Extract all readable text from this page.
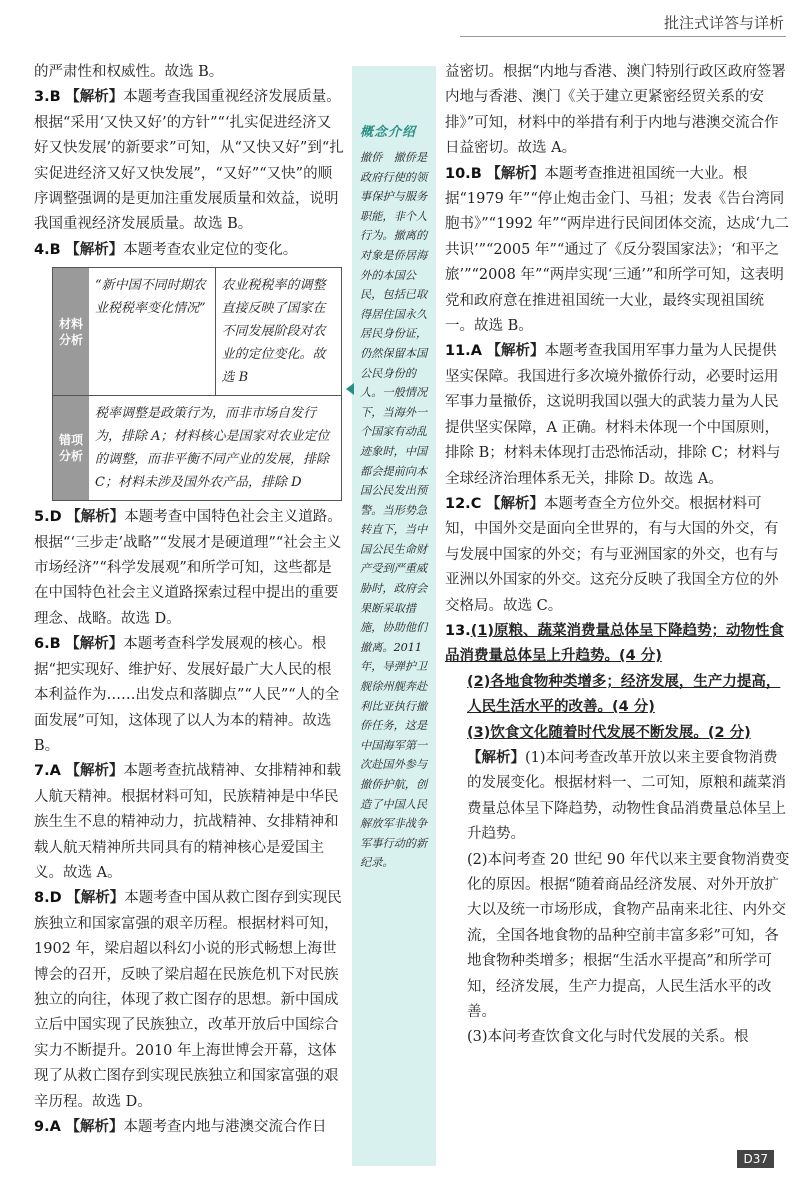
批注式详答与详析

的严肃性和权威性。故选 B。

3.B 【解析】本题考查我国重视经济发展质量。根据“采用‘又快又好’的方针”“‘扎实促进经济又好又快发展’的新要求”可知，从“又快又好”到“扎实促进经济又好又快发展”，“又好”“又快”的顺序调整强调的是更加注重发展质量和效益，说明我国重视经济发展质量。故选 B。

4.B 【解析】本题考查农业定位的变化。

材料分析
“新中国不同时期农业税税率变化情况”
农业税税率的调整直接反映了国家在不同发展阶段对农业的定位变化。故选 B
错项分析
税率调整是政策行为，而非市场自发行为，排除 A；材料核心是国家对农业定位的调整，而非平衡不同产业的发展，排除 C；材料未涉及国外农产品，排除 D

5.D 【解析】本题考查中国特色社会主义道路。根据“‘三步走’战略”“发展才是硬道理”“社会主义市场经济”“科学发展观”和所学可知，这些都是在中国特色社会主义道路探索过程中提出的重要理念、战略。故选 D。

6.B 【解析】本题考查科学发展观的核心。根据“把实现好、维护好、发展好最广大人民的根本利益作为……出发点和落脚点”“人民”“人的全面发展”可知，这体现了以人为本的精神。故选 B。

7.A 【解析】本题考查抗战精神、女排精神和载人航天精神。根据材料可知，民族精神是中华民族生生不息的精神动力，抗战精神、女排精神和载人航天精神所共同具有的精神核心是爱国主义。故选 A。

8.D 【解析】本题考查中国从救亡图存到实现民族独立和国家富强的艰辛历程。根据材料可知，1902 年，梁启超以科幻小说的形式畅想上海世博会的召开，反映了梁启超在民族危机下对民族独立的向往，体现了救亡图存的思想。新中国成立后中国实现了民族独立，改革开放后中国综合实力不断提升。2010 年上海世博会开幕，这体现了从救亡图存到实现民族独立和国家富强的艰辛历程。故选 D。

9.A 【解析】本题考查内地与港澳交流合作日

概念介绍
撤侨　撤侨是政府行使的领事保护与服务职能，非个人行为。撤离的对象是侨居海外的本国公民，包括已取得居住国永久居民身份证，仍然保留本国公民身份的人。一般情况下，当海外一个国家有动乱迹象时，中国都会提前向本国公民发出预警。当形势急转直下，当中国公民生命财产受到严重威胁时，政府会果断采取措施，协助他们撤离。2011 年，导弹护卫舰徐州舰奔赴利比亚执行撤侨任务，这是中国海军第一次赴国外参与撤侨护航，创造了中国人民解放军非战争军事行动的新纪录。

益密切。根据“内地与香港、澳门特别行政区政府签署内地与香港、澳门《关于建立更紧密经贸关系的安排》”可知，材料中的举措有利于内地与港澳交流合作日益密切。故选 A。

10.B 【解析】本题考查推进祖国统一大业。根据“1979 年”“停止炮击金门、马祖；发表《告台湾同胞书》”“1992 年”“两岸进行民间团体交流，达成‘九二共识’”“2005 年”“通过了《反分裂国家法》；‘和平之旅’”“2008 年”“两岸实现‘三通’”和所学可知，这表明党和政府意在推进祖国统一大业，最终实现祖国统一。故选 B。

11.A 【解析】本题考查我国用军事力量为人民提供坚实保障。我国进行多次境外撤侨行动，必要时运用军事力量撤侨，这说明我国以强大的武装力量为人民提供坚实保障，A 正确。材料未体现一个中国原则，排除 B；材料未体现打击恐怖活动，排除 C；材料与全球经济治理体系无关，排除 D。故选 A。

12.C 【解析】本题考查全方位外交。根据材料可知，中国外交是面向全世界的，有与大国的外交，有与发展中国家的外交；有与亚洲国家的外交，也有与亚洲以外国家的外交。这充分反映了我国全方位的外交格局。故选 C。

13.(1)原粮、蔬菜消费量总体呈下降趋势；动物性食品消费量总体呈上升趋势。(4 分)

(2)各地食物种类增多；经济发展，生产力提高，人民生活水平的改善。(4 分)

(3)饮食文化随着时代发展不断发展。(2 分)

【解析】(1)本问考查改革开放以来主要食物消费的发展变化。根据材料一、二可知，原粮和蔬菜消费量总体呈下降趋势，动物性食品消费量总体呈上升趋势。

(2)本问考查 20 世纪 90 年代以来主要食物消费变化的原因。根据“随着商品经济发展、对外开放扩大以及统一市场形成，食物产品南来北往、内外交流，全国各地食物的品种空前丰富多彩”可知，各地食物种类增多；根据“生活水平提高”和所学可知，经济发展，生产力提高，人民生活水平的改善。

(3)本问考查饮食文化与时代发展的关系。根

D37
